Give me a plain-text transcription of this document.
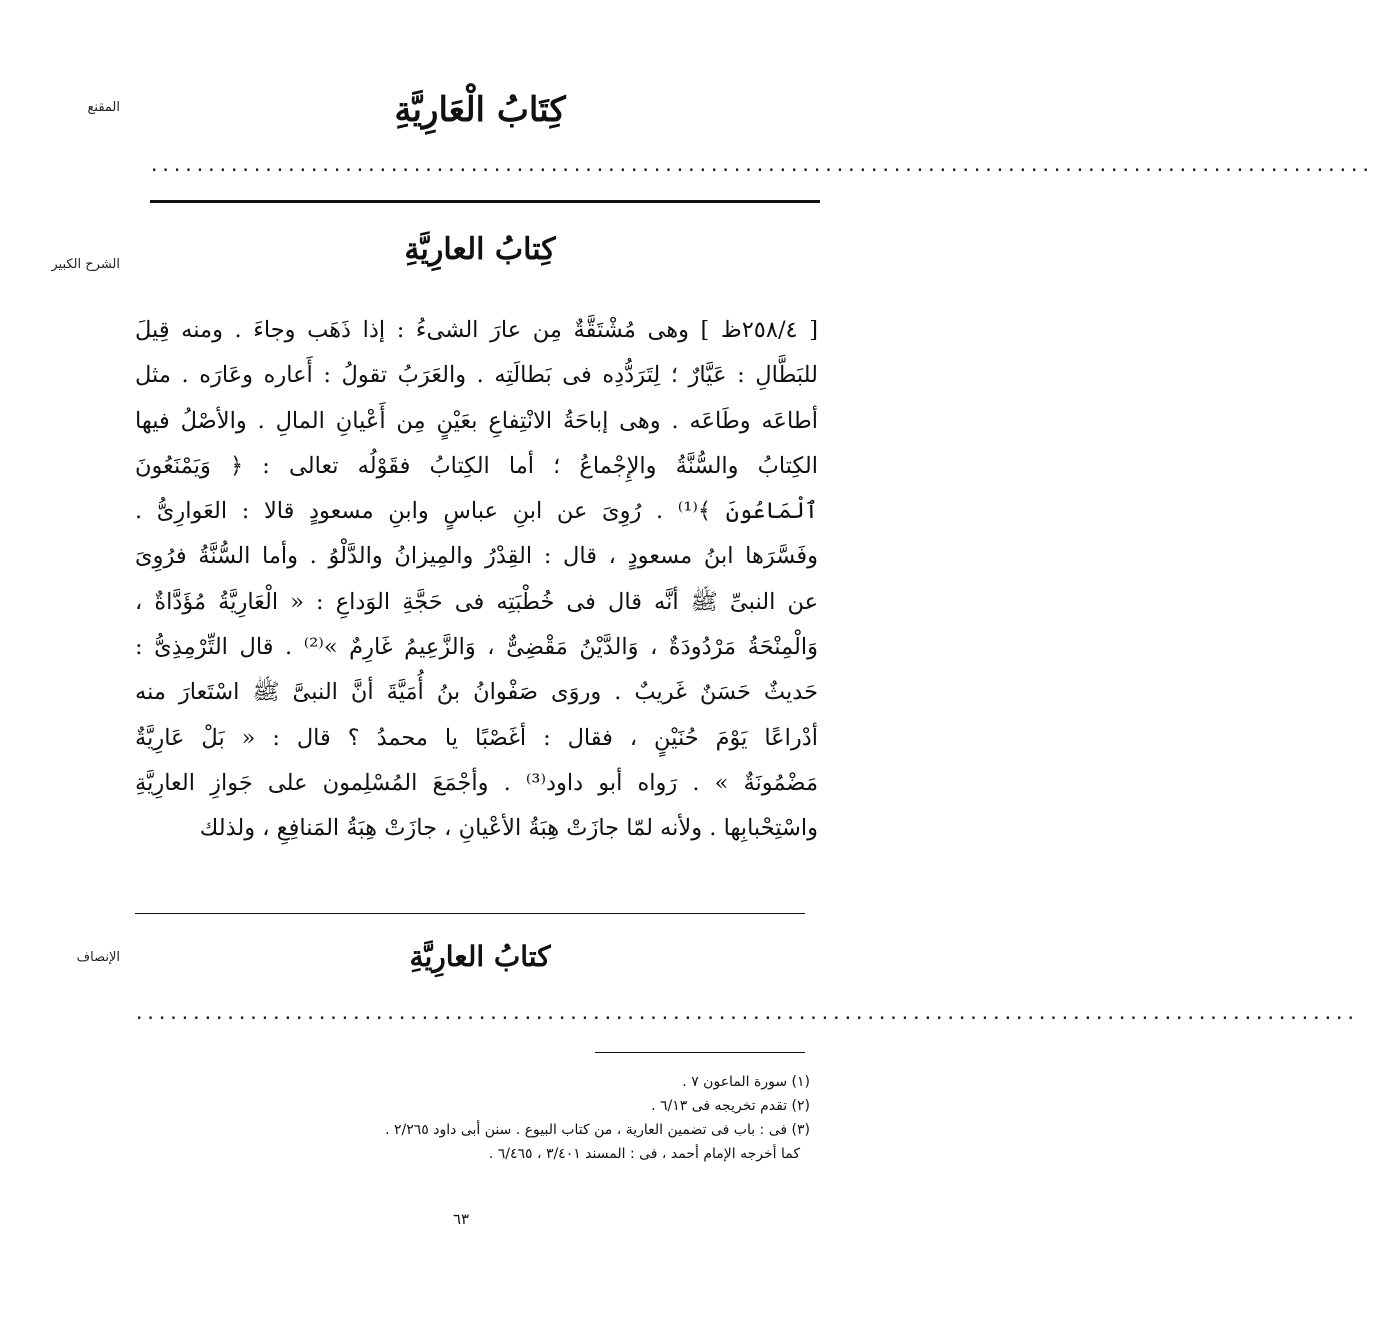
المقنع	كِتَابُ الْعَارِيَّةِ
...........................................................................................................
الشرح الكبير	كِتابُ العارِيَّةِ
[ ٢٥٨/٤ظ ] وهى مُشْتَقَّةٌ مِن عارَ الشىءُ : إذا ذَهَب وجاءَ . ومنه قِيلَ
للبَطَّالِ : عَيَّارٌ ؛ لِتَرَدُّدِه فى بَطالَتِه . والعَرَبُ تقولُ : أَعاره وعَارَه . مثل
أطاعَه وطَاعَه . وهى إباحَةُ الانْتِفاعِ بعَيْنٍ مِن أَعْيانِ المالِ . والأصْلُ فيها
الكِتابُ والسُّنَّةُ والإِجْماعُ ؛ أما الكِتابُ فقَوْلُه تعالى : ﴿ وَيَمْنَعُونَ
ٱلْمَاعُونَ ﴾⁽¹⁾ . رُوِىَ عن ابنِ عباسٍ وابنِ مسعودٍ قالا : العَوارِىُّ .
وفَسَّرَها ابنُ مسعودٍ ، قال : القِدْرُ والمِيزانُ والدَّلْوُ . وأما السُّنَّةُ فرُوِىَ
عن النبىِّ ﷺ أنَّه قال فى خُطْبَتِه فى حَجَّةِ الوَداعِ : « الْعَارِيَّةُ مُؤَدَّاةٌ ،
وَالْمِنْحَةُ مَرْدُودَةٌ ، وَالدَّيْنُ مَقْضِىٌّ ، وَالزَّعِيمُ غَارِمٌ »⁽²⁾ . قال التِّرْمِذِىُّ :
حَديثٌ حَسَنٌ غَريبٌ . وروَى صَفْوانُ بنُ أُمَيَّةَ أنَّ النبىَّ ﷺ اسْتَعارَ منه
أدْراعًا يَوْمَ حُنَيْنٍ ، فقال : أغَصْبًا يا محمدُ ؟ قال : « بَلْ عَارِيَّةٌ
مَضْمُونَةٌ » . رَواه أبو داود⁽³⁾ . وأجْمَعَ المُسْلِمون على جَوازِ العارِيَّةِ
واسْتِحْبابِها . ولأنه لمّا جازَتْ هِبَةُ الأعْيانِ ، جازَتْ هِبَةُ المَنافِعِ ، ولذلك
الإنصاف	كتابُ العارِيَّةِ
...........................................................................................................
(١) سورة الماعون ٧ .
(٢) تقدم تخريجه فى ٦/١٣ .
(٣) فى : باب فى تضمين العارية ، من كتاب البيوع . سنن أبى داود ٢/٢٦٥ .
كما أخرجه الإمام أحمد ، فى : المسند ٣/٤٠١ ، ٦/٤٦٥ .
٦٣
